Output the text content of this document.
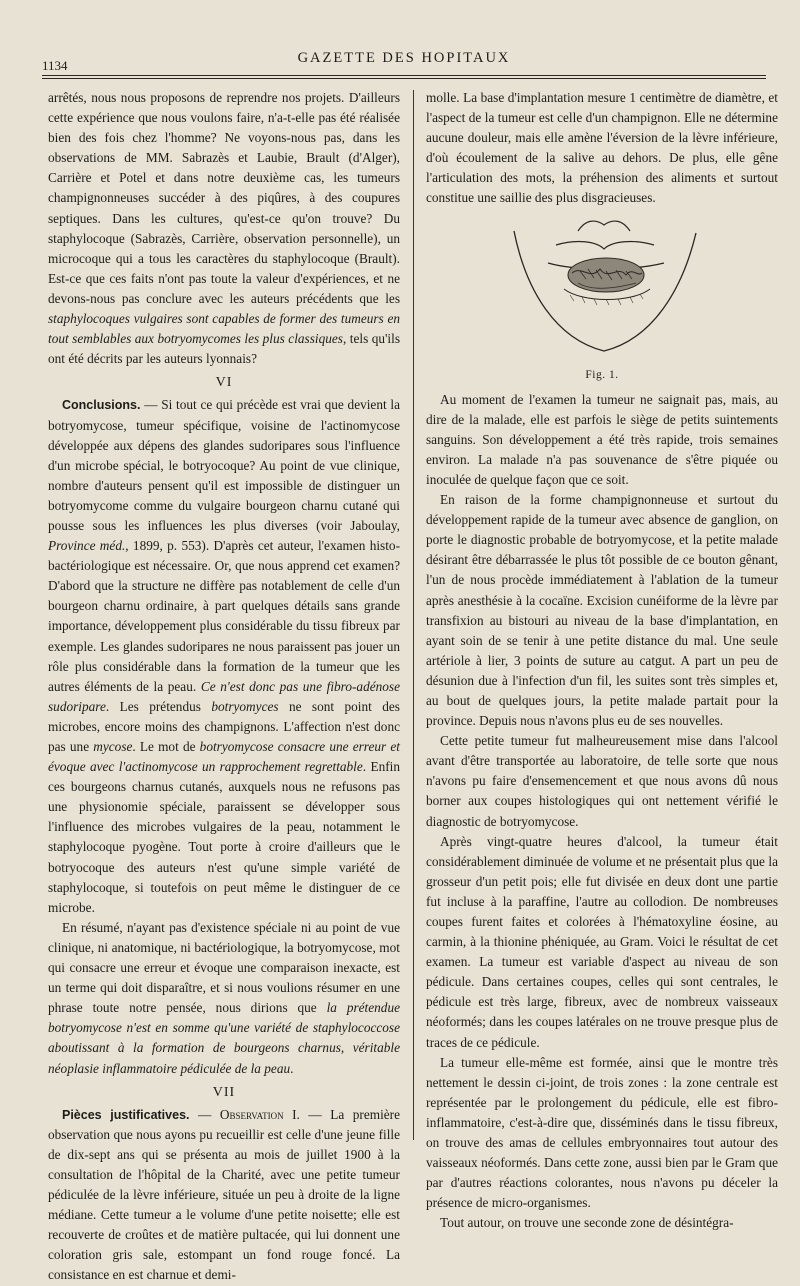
1134	GAZETTE DES HOPITAUX

arrêtés, nous nous proposons de reprendre nos projets. D'ailleurs cette expérience que nous voulons faire, n'a-t-elle pas été réalisée bien des fois chez l'homme? Ne voyons-nous pas, dans les observations de MM. Sabrazès et Laubie, Brault (d'Alger), Carrière et Potel et dans notre deuxième cas, les tumeurs champignonneuses succéder à des piqûres, à des coupures septiques. Dans les cultures, qu'est-ce qu'on trouve? Du staphylocoque (Sabrazès, Carrière, observation personnelle), un microcoque qui a tous les caractères du staphylocoque (Brault). Est-ce que ces faits n'ont pas toute la valeur d'expériences, et ne devons-nous pas conclure avec les auteurs précédents que les staphylocoques vulgaires sont capables de former des tumeurs en tout semblables aux botryomycomes les plus classiques, tels qu'ils ont été décrits par les auteurs lyonnais?

VI

Conclusions. — Si tout ce qui précède est vrai que devient la botryomycose, tumeur spécifique, voisine de l'actinomycose développée aux dépens des glandes sudoripares sous l'influence d'un microbe spécial, le botryocoque? Au point de vue clinique, nombre d'auteurs pensent qu'il est impossible de distinguer un botryomycome comme du vulgaire bourgeon charnu cutané qui pousse sous les influences les plus diverses (voir Jaboulay, Province méd., 1899, p. 553). D'après cet auteur, l'examen histo-bactériologique est nécessaire. Or, que nous apprend cet examen? D'abord que la structure ne diffère pas notablement de celle d'un bourgeon charnu ordinaire, à part quelques détails sans grande importance, développement plus considérable du tissu fibreux par exemple. Les glandes sudoripares ne nous paraissent pas jouer un rôle plus considérable dans la formation de la tumeur que les autres éléments de la peau. Ce n'est donc pas une fibro-adénose sudoripare. Les prétendus botryomyces ne sont point des microbes, encore moins des champignons. L'affection n'est donc pas une mycose. Le mot de botryomycose consacre une erreur et évoque avec l'actinomycose un rapprochement regrettable. Enfin ces bourgeons charnus cutanés, auxquels nous ne refusons pas une physionomie spéciale, paraissent se développer sous l'influence des microbes vulgaires de la peau, notamment le staphylocoque pyogène. Tout porte à croire d'ailleurs que le botryocoque des auteurs n'est qu'une simple variété de staphylocoque, si toutefois on peut même le distinguer de ce microbe.

En résumé, n'ayant pas d'existence spéciale ni au point de vue clinique, ni anatomique, ni bactériologique, la botryomycose, mot qui consacre une erreur et évoque une comparaison inexacte, est un terme qui doit disparaître, et si nous voulions résumer en une phrase toute notre pensée, nous dirions que la prétendue botryomycose n'est en somme qu'une variété de staphylococcose aboutissant à la formation de bourgeons charnus, véritable néoplasie inflammatoire pédiculée de la peau.

VII

Pièces justificatives. — Observation I. — La première observation que nous ayons pu recueillir est celle d'une jeune fille de dix-sept ans qui se présenta au mois de juillet 1900 à la consultation de l'hôpital de la Charité, avec une petite tumeur pédiculée de la lèvre inférieure, située un peu à droite de la ligne médiane. Cette tumeur a le volume d'une petite noisette; elle est recouverte de croûtes et de matière pultacée, qui lui donnent une coloration gris sale, estompant un fond rouge foncé. La consistance en est charnue et demi-

molle. La base d'implantation mesure 1 centimètre de diamètre, et l'aspect de la tumeur est celle d'un champignon. Elle ne détermine aucune douleur, mais elle amène l'éversion de la lèvre inférieure, d'où écoulement de la salive au dehors. De plus, elle gêne l'articulation des mots, la préhension des aliments et surtout constitue une saillie des plus disgracieuses.

Fig. 1.

Au moment de l'examen la tumeur ne saignait pas, mais, au dire de la malade, elle est parfois le siège de petits suintements sanguins. Son développement a été très rapide, trois semaines environ. La malade n'a pas souvenance de s'être piquée ou inoculée de quelque façon que ce soit.

En raison de la forme champignonneuse et surtout du développement rapide de la tumeur avec absence de ganglion, on porte le diagnostic probable de botryomycose, et la petite malade désirant être débarrassée le plus tôt possible de ce bouton gênant, l'un de nous procède immédiatement à l'ablation de la tumeur après anesthésie à la cocaïne. Excision cunéiforme de la lèvre par transfixion au bistouri au niveau de la base d'implantation, en ayant soin de se tenir à une petite distance du mal. Une seule artériole à lier, 3 points de suture au catgut. A part un peu de désunion due à l'infection d'un fil, les suites sont très simples et, au bout de quelques jours, la petite malade partait pour la province. Depuis nous n'avons plus eu de ses nouvelles.

Cette petite tumeur fut malheureusement mise dans l'alcool avant d'être transportée au laboratoire, de telle sorte que nous n'avons pu faire d'ensemencement et que nous avons dû nous borner aux coupes histologiques qui ont nettement vérifié le diagnostic de botryomycose.

Après vingt-quatre heures d'alcool, la tumeur était considérablement diminuée de volume et ne présentait plus que la grosseur d'un petit pois; elle fut divisée en deux dont une partie fut incluse à la paraffine, l'autre au collodion. De nombreuses coupes furent faites et colorées à l'hématoxyline éosine, au carmin, à la thionine phéniquée, au Gram. Voici le résultat de cet examen. La tumeur est variable d'aspect au niveau de son pédicule. Dans certaines coupes, celles qui sont centrales, le pédicule est très large, fibreux, avec de nombreux vaisseaux néoformés; dans les coupes latérales on ne trouve presque plus de traces de ce pédicule.

La tumeur elle-même est formée, ainsi que le montre très nettement le dessin ci-joint, de trois zones : la zone centrale est représentée par le prolongement du pédicule, elle est fibro-inflammatoire, c'est-à-dire que, disséminés dans le tissu fibreux, on trouve des amas de cellules embryonnaires tout autour des vaisseaux néoformés. Dans cette zone, aussi bien par le Gram que par d'autres réactions colorantes, nous n'avons pu déceler la présence de micro-organismes.

Tout autour, on trouve une seconde zone de désintégra-
